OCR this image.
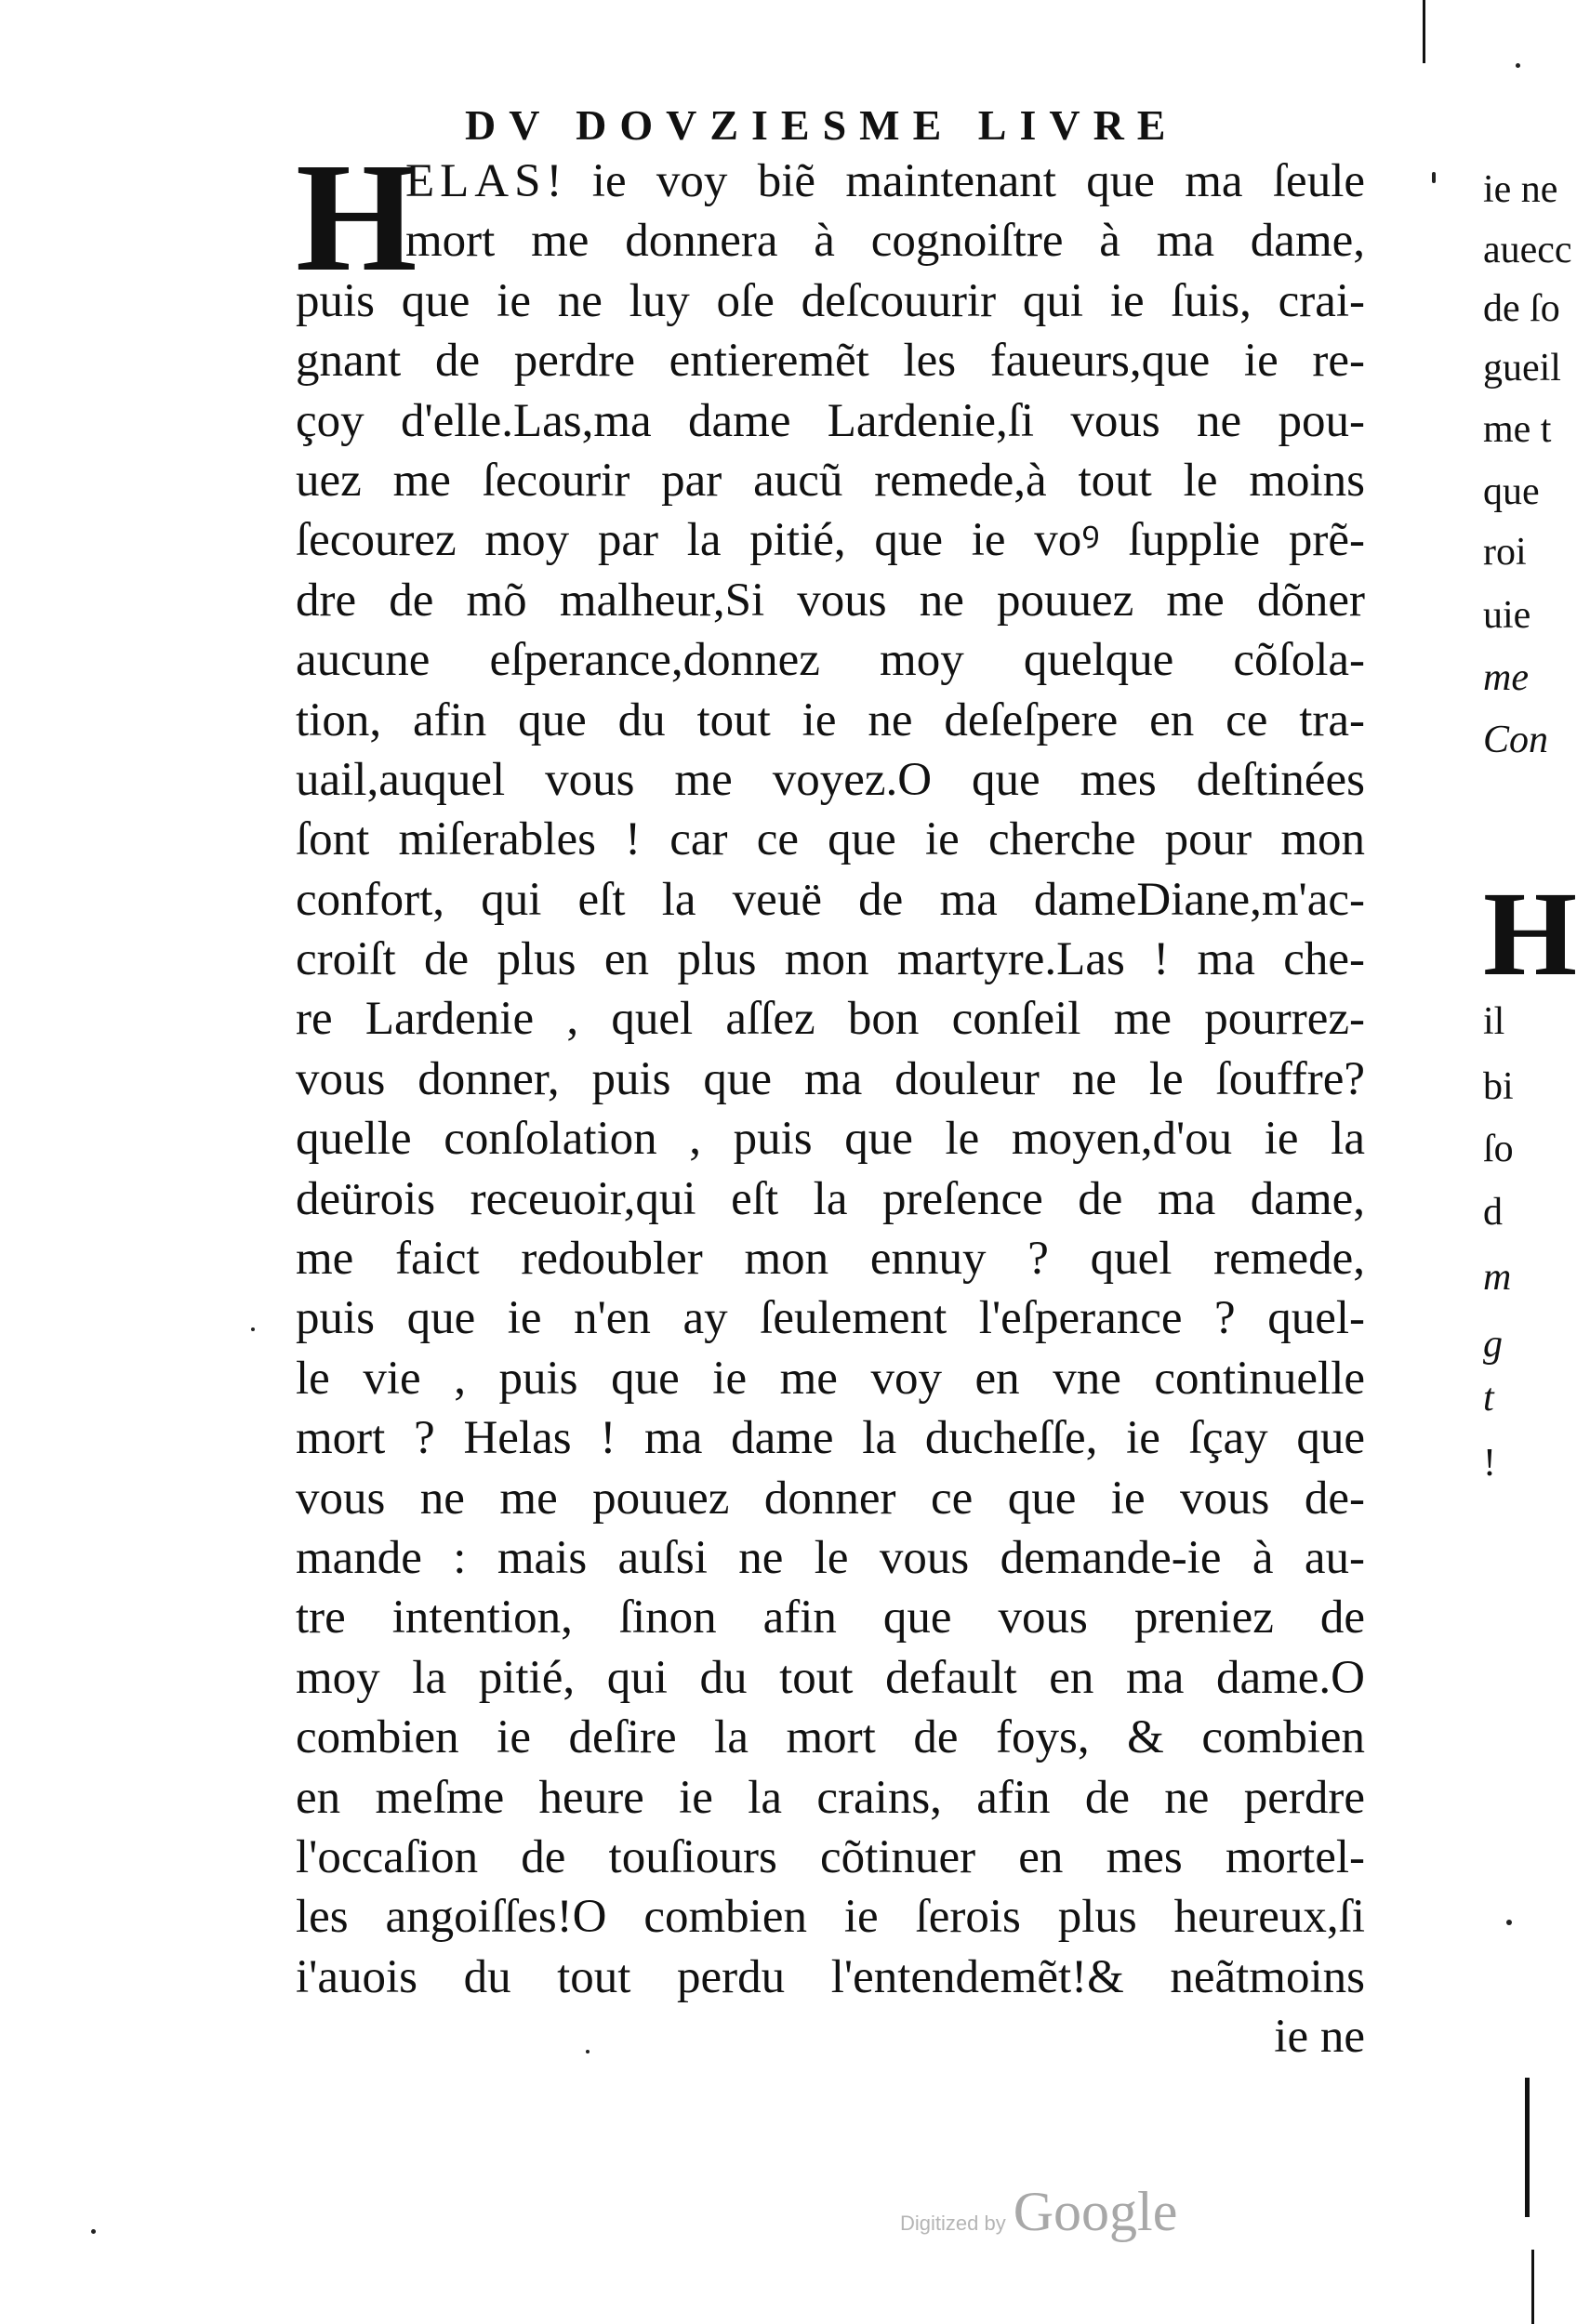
DV DOVZIESME LIVRE
H
ELAS! ie voy biẽ maintenant que ma ſeule
mort me donnera à cognoiſtre à ma dame,
puis que ie ne luy oſe deſcouurir qui ie ſuis, crai-
gnant de perdre entieremẽt les faueurs,que ie re-
çoy d'elle.Las,ma dame Lardenie,ſi vous ne pou-
uez me ſecourir par aucũ remede,à tout le moins
ſecourez moy par la pitié, que ie voꝰ ſupplie prẽ-
dre de mõ malheur,Si vous ne pouuez me dõner
aucune eſperance,donnez moy quelque cõſola-
tion, afin que du tout ie ne deſeſpere en ce tra-
uail,auquel vous me voyez.O que mes deſtinées
ſont miſerables ! car ce que ie cherche pour mon
confort, qui eſt la veuë de ma dameDiane,m'ac-
croiſt de plus en plus mon martyre.Las ! ma che-
re Lardenie , quel aſſez bon conſeil me pourrez-
vous donner, puis que ma douleur ne le ſouffre?
quelle conſolation , puis que le moyen,d'ou ie la
deürois receuoir,qui eſt la preſence de ma dame,
me faict redoubler mon ennuy ? quel remede,
puis que ie n'en ay ſeulement l'eſperance ? quel-
le vie , puis que ie me voy en vne continuelle
mort ? Helas ! ma dame la ducheſſe, ie ſçay que
vous ne me pouuez donner ce que ie vous de-
mande : mais auſsi ne le vous demande-ie à au-
tre intention, ſinon afin que vous preniez de
moy la pitié, qui du tout default en ma dame.O
combien ie deſire la mort de foys, & combien
en meſme heure ie la crains, afin de ne perdre
l'occaſion de touſiours cõtinuer en mes mortel-
les angoiſſes!O combien ie ſerois plus heureux,ſi
i'auois du tout perdu l'entendemẽt!& neãtmoins
ie ne
ie ne
auecc
de ſo
gueil
me t
que
roi
uie
me
Con
H
il
bi
ſo
d
m
g
t
!
Digitized by Google
